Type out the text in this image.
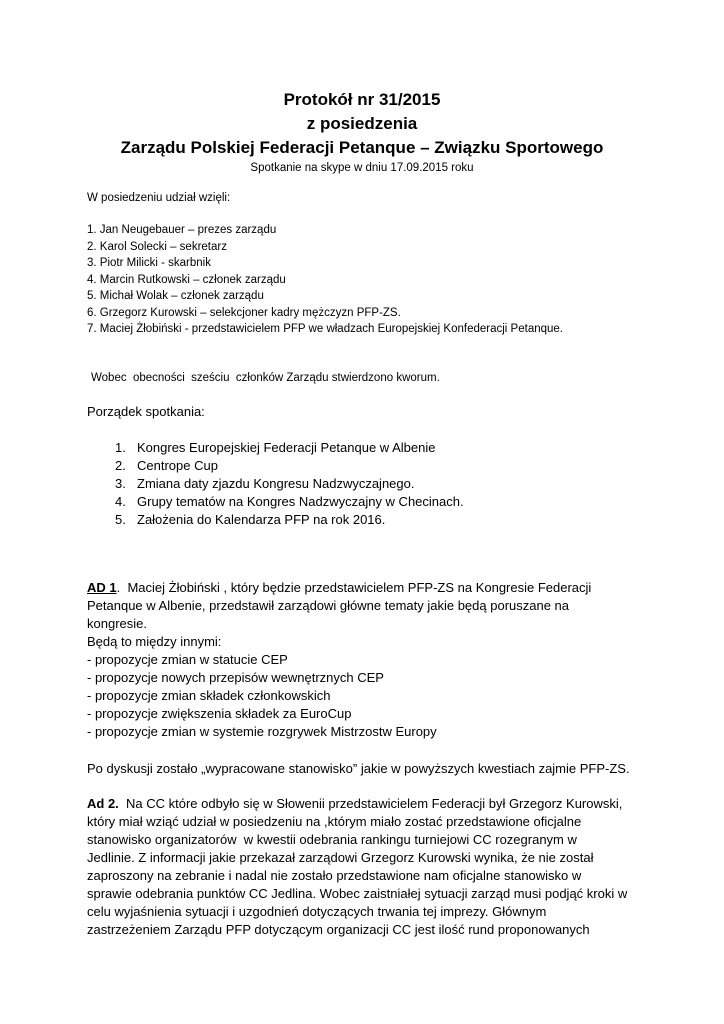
Protokół nr 31/2015
z posiedzenia
Zarządu Polskiej Federacji Petanque – Związku Sportowego
Spotkanie na skype w dniu 17.09.2015 roku
W posiedzeniu udział wzięli:
1. Jan Neugebauer – prezes zarządu
2. Karol Solecki – sekretarz
3. Piotr Milicki - skarbnik
4. Marcin Rutkowski – członek zarządu
5. Michał Wolak – członek zarządu
6. Grzegorz Kurowski – selekcjoner kadry mężczyzn PFP-ZS.
7. Maciej Żłobiński - przedstawicielem PFP we władzach Europejskiej Konfederacji Petanque.
Wobec  obecności  sześciu  członków Zarządu stwierdzono kworum.
Porządek spotkania:
1. Kongres Europejskiej Federacji Petanque w Albenie
2. Centrope Cup
3. Zmiana daty zjazdu Kongresu Nadzwyczajnego.
4. Grupy tematów na Kongres Nadzwyczajny w Checinach.
5. Założenia do Kalendarza PFP na rok 2016.
AD 1.  Maciej Żłobiński , który będzie przedstawicielem PFP-ZS na Kongresie Federacji
Petanque w Albenie, przedstawił zarządowi główne tematy jakie będą poruszane na
kongresie.
Będą to między innymi:
- propozycje zmian w statucie CEP
- propozycje nowych przepisów wewnętrznych CEP
- propozycje zmian składek członkowskich
- propozycje zwiększenia składek za EuroCup
- propozycje zmian w systemie rozgrywek Mistrzostw Europy
Po dyskusji zostało „wypracowane stanowisko” jakie w powyższych kwestiach zajmie PFP-ZS.
Ad 2.  Na CC które odbyło się w Słowenii przedstawicielem Federacji był Grzegorz Kurowski,
który miał wziąć udział w posiedzeniu na ,którym miało zostać przedstawione oficjalne
stanowisko organizatorów  w kwestii odebrania rankingu turniejowi CC rozegranym w
Jedlinie. Z informacji jakie przekazał zarządowi Grzegorz Kurowski wynika, że nie został
zaproszony na zebranie i nadal nie zostało przedstawione nam oficjalne stanowisko w
sprawie odebrania punktów CC Jedlina. Wobec zaistniałej sytuacji zarząd musi podjąć kroki w
celu wyjaśnienia sytuacji i uzgodnień dotyczących trwania tej imprezy. Głównym
zastrzeżeniem Zarządu PFP dotyczącym organizacji CC jest ilość rund proponowanych
